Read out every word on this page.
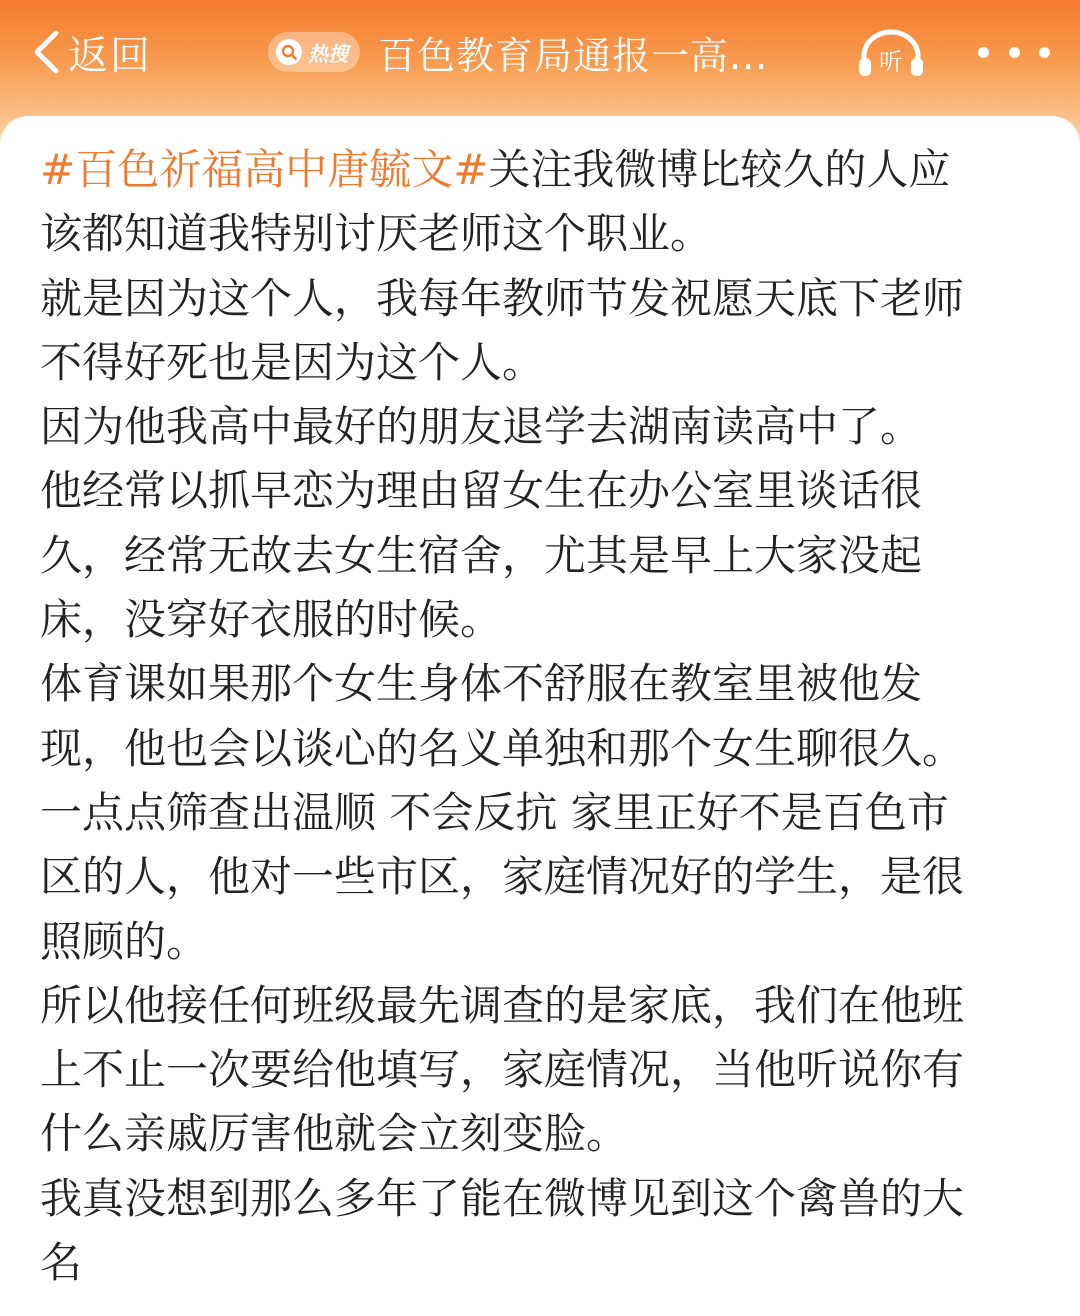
返回	热搜 百色教育局通报一高...	听
#百色祈福高中唐毓文#关注我微博比较久的人应
该都知道我特别讨厌老师这个职业。
就是因为这个人，我每年教师节发祝愿天底下老师
不得好死也是因为这个人。
因为他我高中最好的朋友退学去湖南读高中了。
他经常以抓早恋为理由留女生在办公室里谈话很
久，经常无故去女生宿舍，尤其是早上大家没起
床，没穿好衣服的时候。
体育课如果那个女生身体不舒服在教室里被他发
现，他也会以谈心的名义单独和那个女生聊很久。
一点点筛查出温顺 不会反抗 家里正好不是百色市
区的人，他对一些市区，家庭情况好的学生，是很
照顾的。
所以他接任何班级最先调查的是家底，我们在他班
上不止一次要给他填写，家庭情况，当他听说你有
什么亲戚厉害他就会立刻变脸。
我真没想到那么多年了能在微博见到这个禽兽的大
名
